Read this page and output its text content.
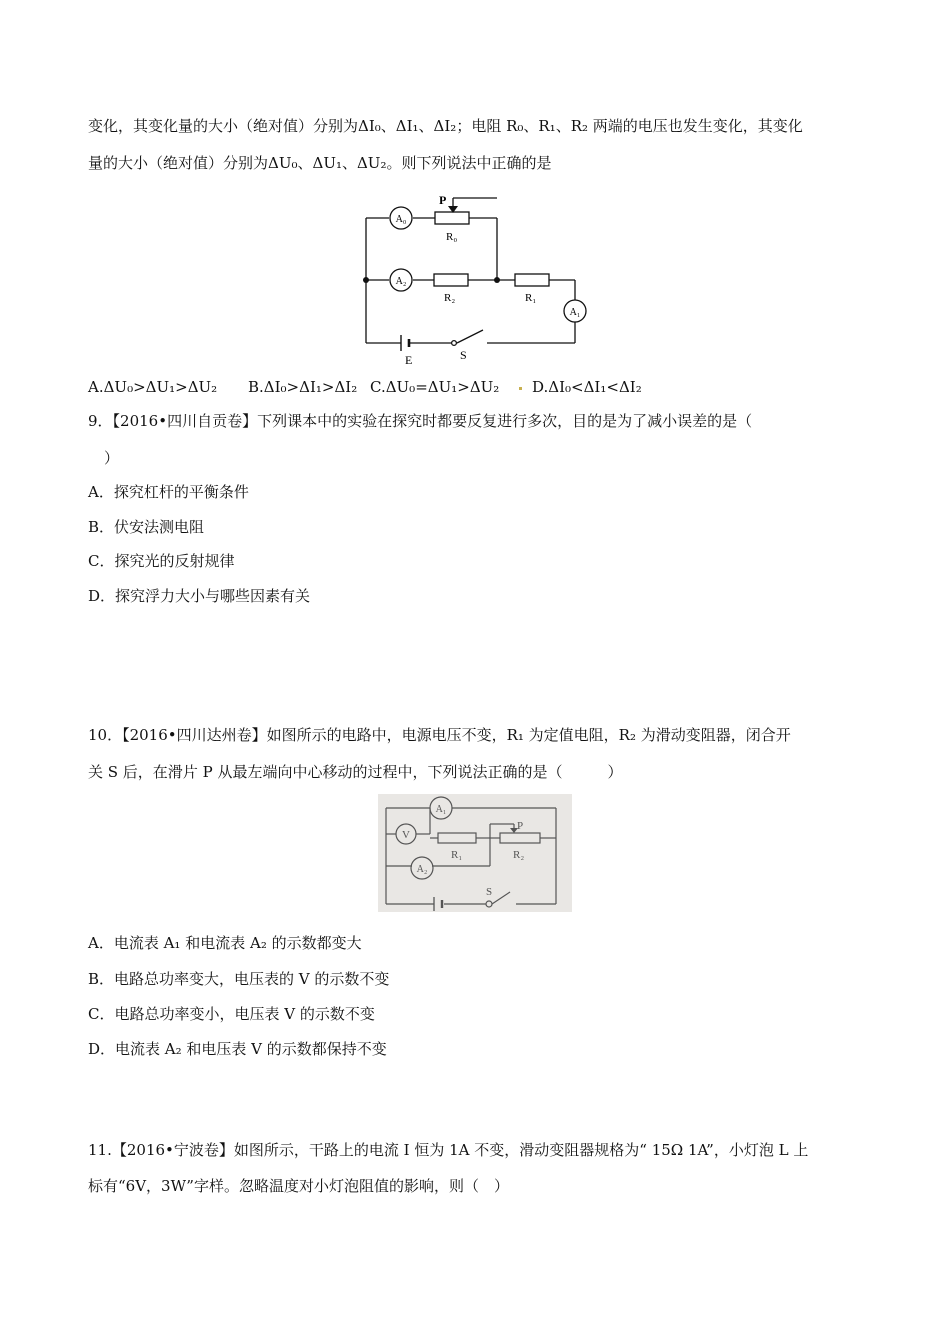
变化，其变化量的大小（绝对值）分别为ΔI₀、ΔI₁、ΔI₂；电阻 R₀、R₁、R₂ 两端的电压也发生变化，其变化
量的大小（绝对值）分别为ΔU₀、ΔU₁、ΔU₂。则下列说法中正确的是
A₀
A₂
A₁
P
R₀
R₂	R₁
E	S
A.ΔU₀>ΔU₁>ΔU₂ B.ΔI₀>ΔI₁>ΔI₂ C.ΔU₀=ΔU₁>ΔU₂ D.ΔI₀<ΔI₁<ΔI₂
9．【2016•四川自贡卷】下列课本中的实验在探究时都要反复进行多次，目的是为了减小误差的是（
）
A．探究杠杆的平衡条件
B．伏安法测电阻
C．探究光的反射规律
D．探究浮力大小与哪些因素有关
10．【2016•四川达州卷】如图所示的电路中，电源电压不变，R₁ 为定值电阻，R₂ 为滑动变阻器，闭合开
关 S 后，在滑片 P 从最左端向中心移动的过程中，下列说法正确的是（　　　）
V
A₁
A₂
R₁	R₂
P
S
A．电流表 A₁ 和电流表 A₂ 的示数都变大
B．电路总功率变大，电压表的 V 的示数不变
C．电路总功率变小，电压表 V 的示数不变
D．电流表 A₂ 和电压表 V 的示数都保持不变
11.【2016•宁波卷】如图所示，干路上的电流 I 恒为 1A 不变，滑动变阻器规格为“ 15Ω 1A”，小灯泡 L 上
标有“6V，3W”字样。忽略温度对小灯泡阻值的影响，则（　）
